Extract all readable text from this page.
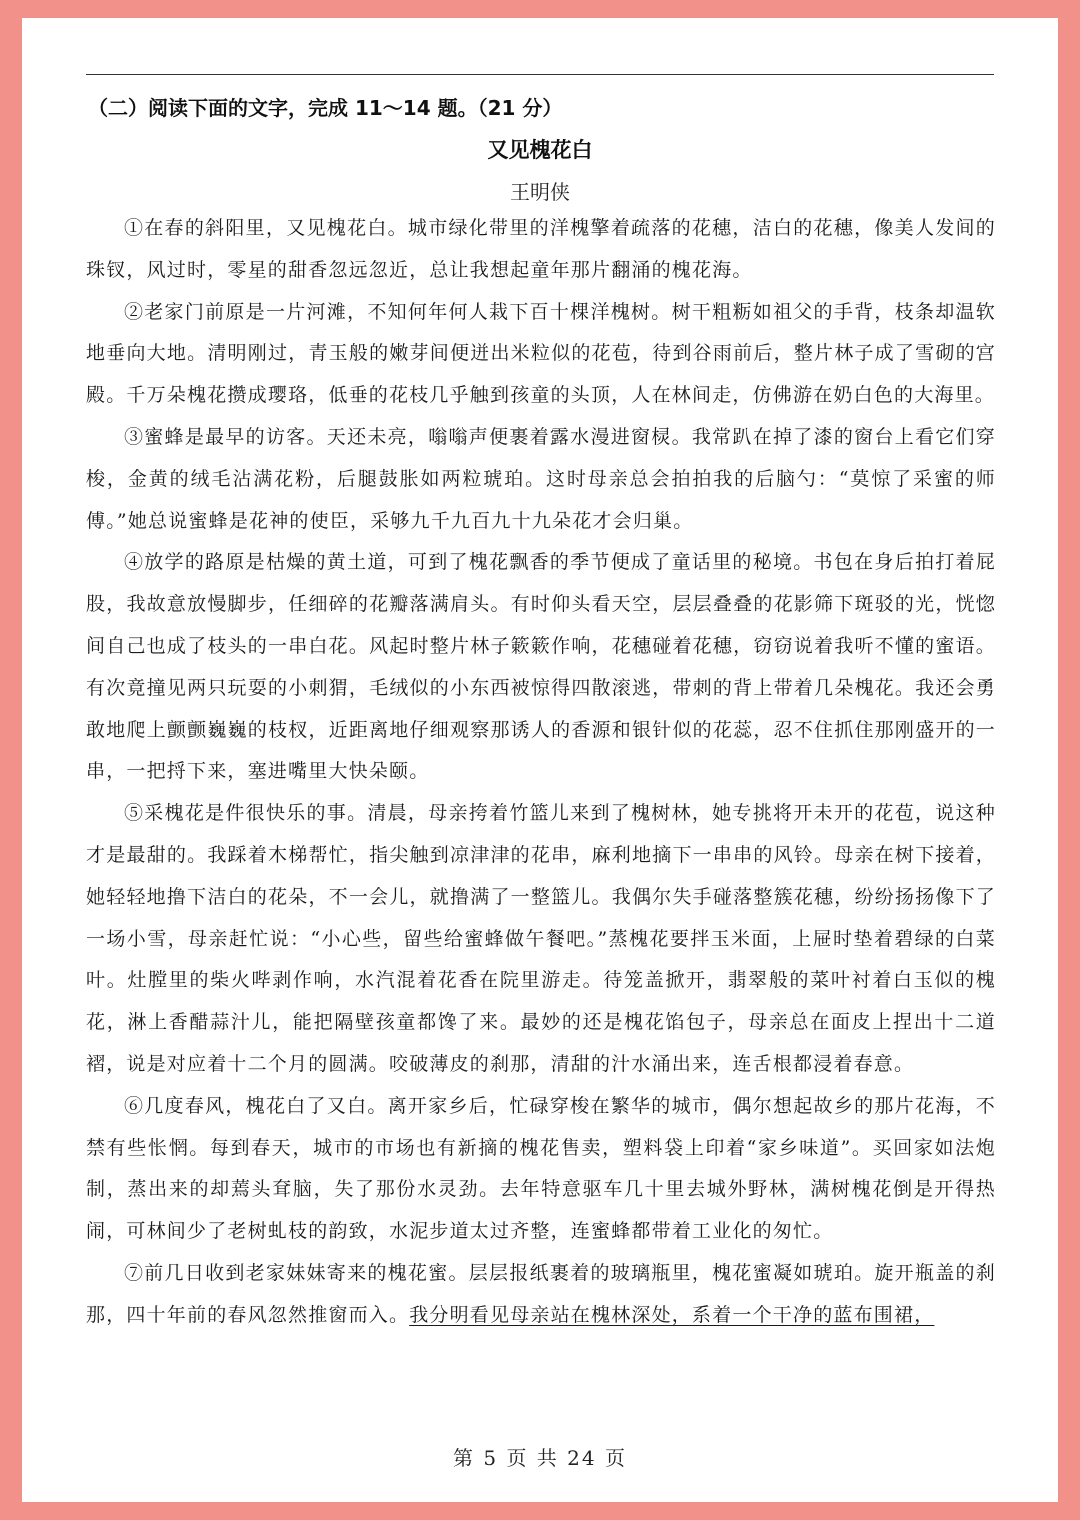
（二）阅读下面的文字，完成 11～14 题。（21 分）
又见槐花白
王明侠

①在春的斜阳里，又见槐花白。城市绿化带里的洋槐擎着疏落的花穗，洁白的花穗，像美人发间的珠钗，风过时，零星的甜香忽远忽近，总让我想起童年那片翻涌的槐花海。

②老家门前原是一片河滩，不知何年何人栽下百十棵洋槐树。树干粗粝如祖父的手背，枝条却温软地垂向大地。清明刚过，青玉般的嫩芽间便迸出米粒似的花苞，待到谷雨前后，整片林子成了雪砌的宫殿。千万朵槐花攒成璎珞，低垂的花枝几乎触到孩童的头顶，人在林间走，仿佛游在奶白色的大海里。

③蜜蜂是最早的访客。天还未亮，嗡嗡声便裹着露水漫进窗棂。我常趴在掉了漆的窗台上看它们穿梭，金黄的绒毛沾满花粉，后腿鼓胀如两粒琥珀。这时母亲总会拍拍我的后脑勺：“莫惊了采蜜的师傅。”她总说蜜蜂是花神的使臣，采够九千九百九十九朵花才会归巢。

④放学的路原是枯燥的黄土道，可到了槐花飘香的季节便成了童话里的秘境。书包在身后拍打着屁股，我故意放慢脚步，任细碎的花瓣落满肩头。有时仰头看天空，层层叠叠的花影筛下斑驳的光，恍惚间自己也成了枝头的一串白花。风起时整片林子簌簌作响，花穗碰着花穗，窃窃说着我听不懂的蜜语。有次竟撞见两只玩耍的小刺猬，毛绒似的小东西被惊得四散滚逃，带刺的背上带着几朵槐花。我还会勇敢地爬上颤颤巍巍的枝杈，近距离地仔细观察那诱人的香源和银针似的花蕊，忍不住抓住那刚盛开的一串，一把捋下来，塞进嘴里大快朵颐。

⑤采槐花是件很快乐的事。清晨，母亲挎着竹篮儿来到了槐树林，她专挑将开未开的花苞，说这种才是最甜的。我踩着木梯帮忙，指尖触到凉津津的花串，麻利地摘下一串串的风铃。母亲在树下接着，她轻轻地撸下洁白的花朵，不一会儿，就撸满了一整篮儿。我偶尔失手碰落整簇花穗，纷纷扬扬像下了一场小雪，母亲赶忙说：“小心些，留些给蜜蜂做午餐吧。”蒸槐花要拌玉米面，上屉时垫着碧绿的白菜叶。灶膛里的柴火哔剥作响，水汽混着花香在院里游走。待笼盖掀开，翡翠般的菜叶衬着白玉似的槐花，淋上香醋蒜汁儿，能把隔壁孩童都馋了来。最妙的还是槐花馅包子，母亲总在面皮上捏出十二道褶，说是对应着十二个月的圆满。咬破薄皮的刹那，清甜的汁水涌出来，连舌根都浸着春意。

⑥几度春风，槐花白了又白。离开家乡后，忙碌穿梭在繁华的城市，偶尔想起故乡的那片花海，不禁有些怅惘。每到春天，城市的市场也有新摘的槐花售卖，塑料袋上印着“家乡味道”。买回家如法炮制，蒸出来的却蔫头耷脑，失了那份水灵劲。去年特意驱车几十里去城外野林，满树槐花倒是开得热闹，可林间少了老树虬枝的韵致，水泥步道太过齐整，连蜜蜂都带着工业化的匆忙。

⑦前几日收到老家妹妹寄来的槐花蜜。层层报纸裹着的玻璃瓶里，槐花蜜凝如琥珀。旋开瓶盖的刹那，四十年前的春风忽然推窗而入。我分明看见母亲站在槐林深处，系着一个干净的蓝布围裙，

第 5 页 共 24 页
